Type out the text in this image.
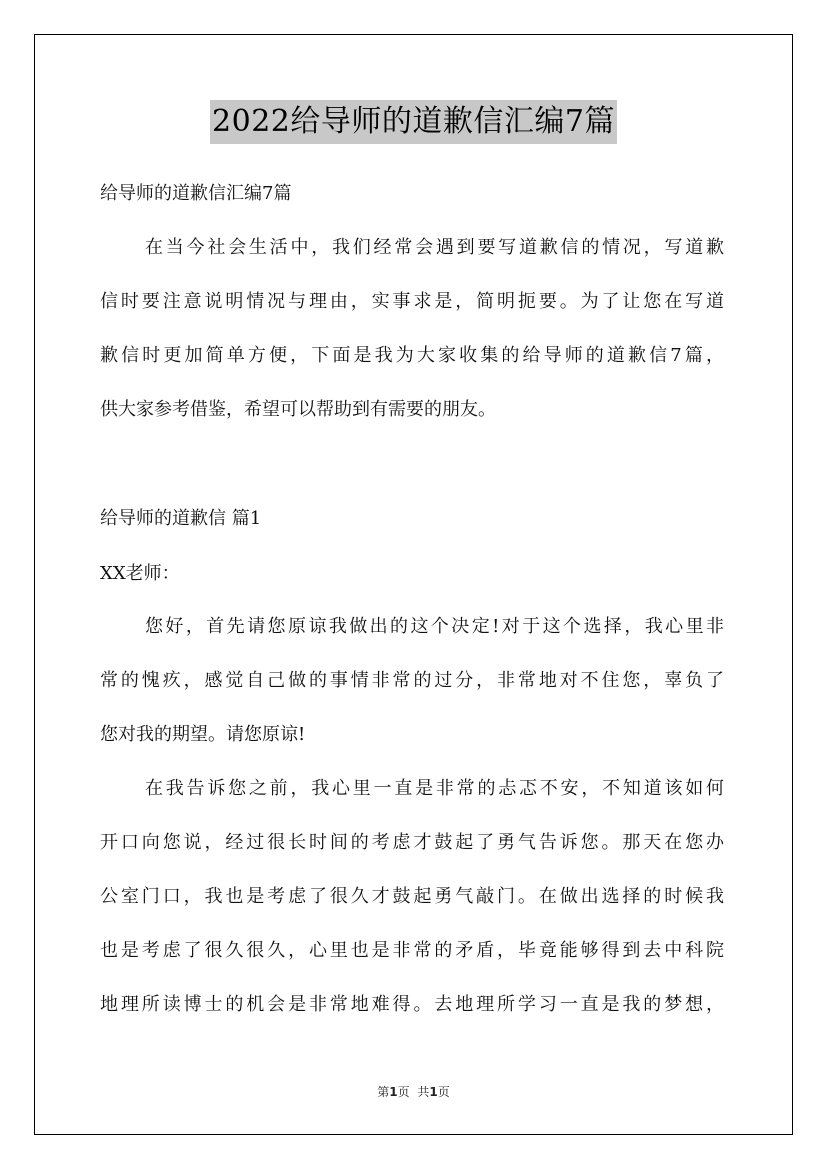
2022给导师的道歉信汇编7篇
给导师的道歉信汇编7篇
在当今社会生活中，我们经常会遇到要写道歉信的情况，写道歉
信时要注意说明情况与理由，实事求是，简明扼要。为了让您在写道
歉信时更加简单方便，下面是我为大家收集的给导师的道歉信7篇，
供大家参考借鉴，希望可以帮助到有需要的朋友。
给导师的道歉信 篇1
XX老师：
您好，首先请您原谅我做出的这个决定!对于这个选择，我心里非
常的愧疚，感觉自己做的事情非常的过分，非常地对不住您，辜负了
您对我的期望。请您原谅!
在我告诉您之前，我心里一直是非常的忐忑不安，不知道该如何
开口向您说，经过很长时间的考虑才鼓起了勇气告诉您。那天在您办
公室门口，我也是考虑了很久才鼓起勇气敲门。在做出选择的时候我
也是考虑了很久很久，心里也是非常的矛盾，毕竟能够得到去中科院
地理所读博士的机会是非常地难得。去地理所学习一直是我的梦想，
第1页 共1页
